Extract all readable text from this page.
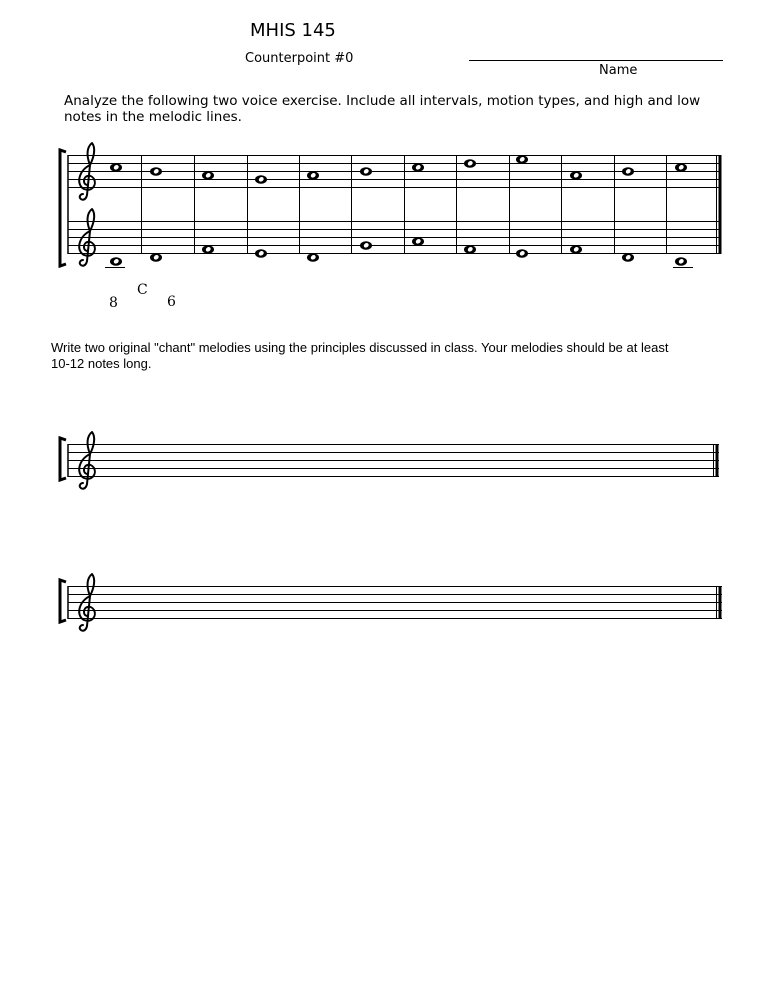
MHIS 145
Counterpoint #0
Name
Analyze the following two voice exercise. Include all intervals, motion types, and high and low notes in the melodic lines.
8
C
6
Write two original "chant" melodies using the principles discussed in class. Your melodies should be at least 10-12 notes long.
